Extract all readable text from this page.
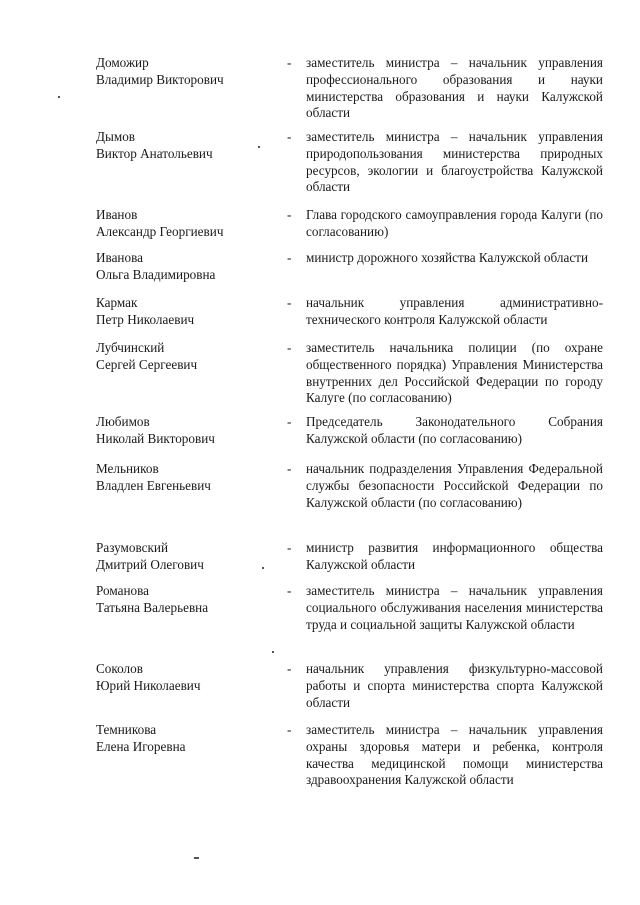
Доможир
Владимир Викторович
- заместитель министра – начальник управления профессионального образования и науки министерства образования и науки Калужской области
Дымов
Виктор Анатольевич
- заместитель министра – начальник управления природопользования министерства природных ресурсов, экологии и благоустройства Калужской области
Иванов
Александр Георгиевич
- Глава городского самоуправления города Калуги (по согласованию)
Иванова
Ольга Владимировна
- министр дорожного хозяйства Калужской области
Кармак
Петр Николаевич
- начальник управления административно-технического контроля Калужской области
Лубчинский
Сергей Сергеевич
- заместитель начальника полиции (по охране общественного порядка) Управления Министерства внутренних дел Российской Федерации по городу Калуге (по согласованию)
Любимов
Николай Викторович
- Председатель Законодательного Собрания Калужской области (по согласованию)
Мельников
Владлен Евгеньевич
- начальник подразделения Управления Федеральной службы безопасности Российской Федерации по Калужской области (по согласованию)
Разумовский
Дмитрий Олегович
- министр развития информационного общества Калужской области
Романова
Татьяна Валерьевна
- заместитель министра – начальник управления социального обслуживания населения министерства труда и социальной защиты Калужской области
Соколов
Юрий Николаевич
- начальник управления физкультурно-массовой работы и спорта министерства спорта Калужской области
Темникова
Елена Игоревна
- заместитель министра – начальник управления охраны здоровья матери и ребенка, контроля качества медицинской помощи министерства здравоохранения Калужской области
